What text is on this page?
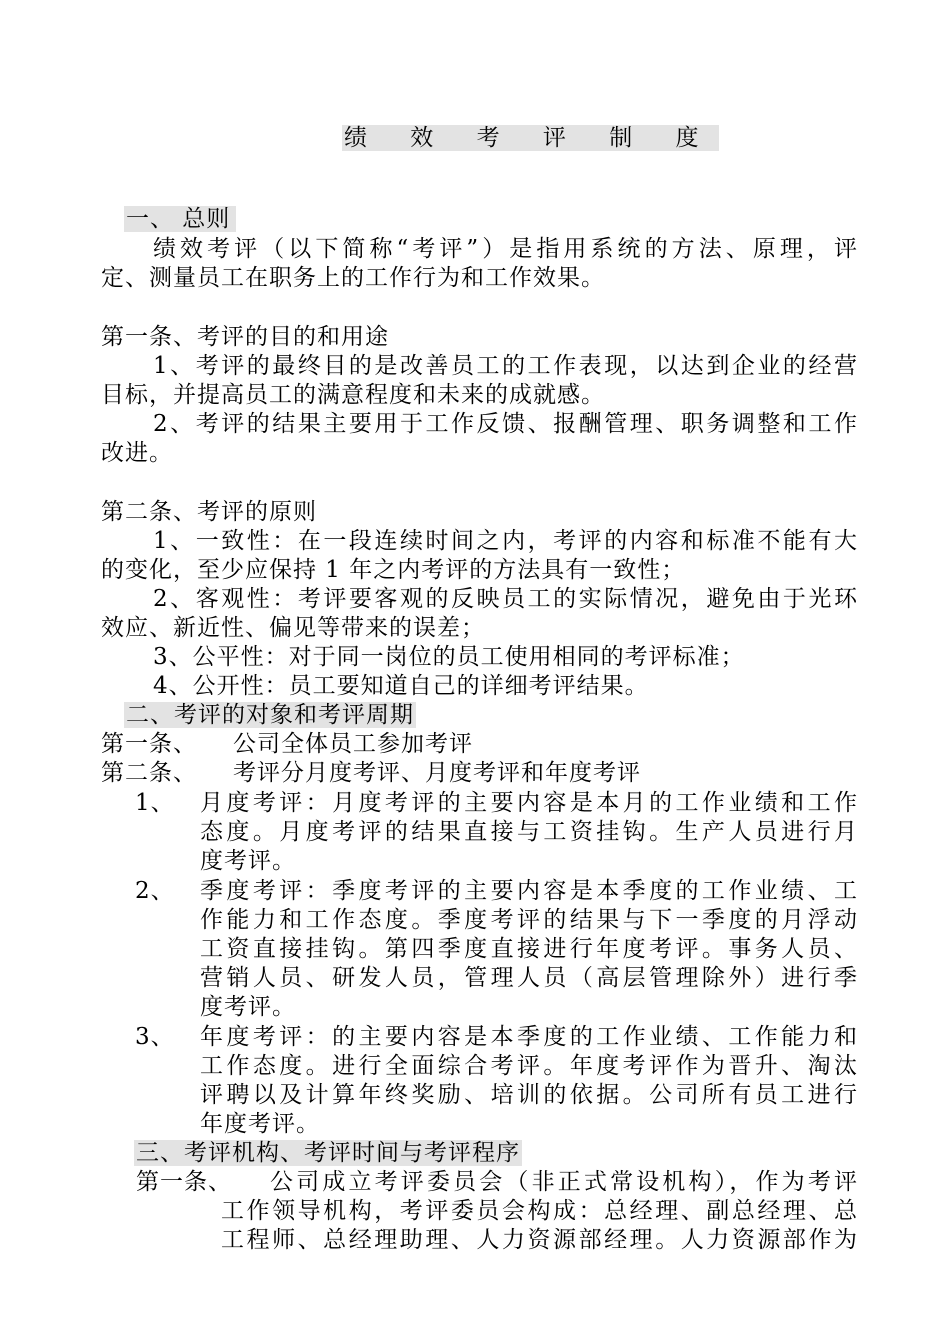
绩 效 考 评 制 度

一、 总则

绩效考评（以下简称“考评”）是指用系统的方法、原理，评

定、测量员工在职务上的工作行为和工作效果。

第一条、考评的目的和用途

1、考评的最终目的是改善员工的工作表现，以达到企业的经营

目标，并提高员工的满意程度和未来的成就感。

2、考评的结果主要用于工作反馈、报酬管理、职务调整和工作

改进。

第二条、考评的原则

1、一致性：在一段连续时间之内，考评的内容和标准不能有大

的变化，至少应保持 1 年之内考评的方法具有一致性；

2、客观性：考评要客观的反映员工的实际情况，避免由于光环

效应、新近性、偏见等带来的误差；

3、公平性：对于同一岗位的员工使用相同的考评标准；

4、公开性：员工要知道自己的详细考评结果。

二、考评的对象和考评周期

第一条、 公司全体员工参加考评

第二条、 考评分月度考评、月度考评和年度考评

1、 月度考评：月度考评的主要内容是本月的工作业绩和工作

态度。月度考评的结果直接与工资挂钩。生产人员进行月

度考评。

2、 季度考评：季度考评的主要内容是本季度的工作业绩、工

作能力和工作态度。季度考评的结果与下一季度的月浮动

工资直接挂钩。第四季度直接进行年度考评。事务人员、

营销人员、研发人员，管理人员（高层管理除外）进行季

度考评。

3、 年度考评：的主要内容是本季度的工作业绩、工作能力和

工作态度。进行全面综合考评。年度考评作为晋升、淘汰

评聘以及计算年终奖励、培训的依据。公司所有员工进行

年度考评。

三、考评机构、考评时间与考评程序

第一条、 公司成立考评委员会（非正式常设机构），作为考评

工作领导机构，考评委员会构成：总经理、副总经理、总

工程师、总经理助理、人力资源部经理。人力资源部作为
